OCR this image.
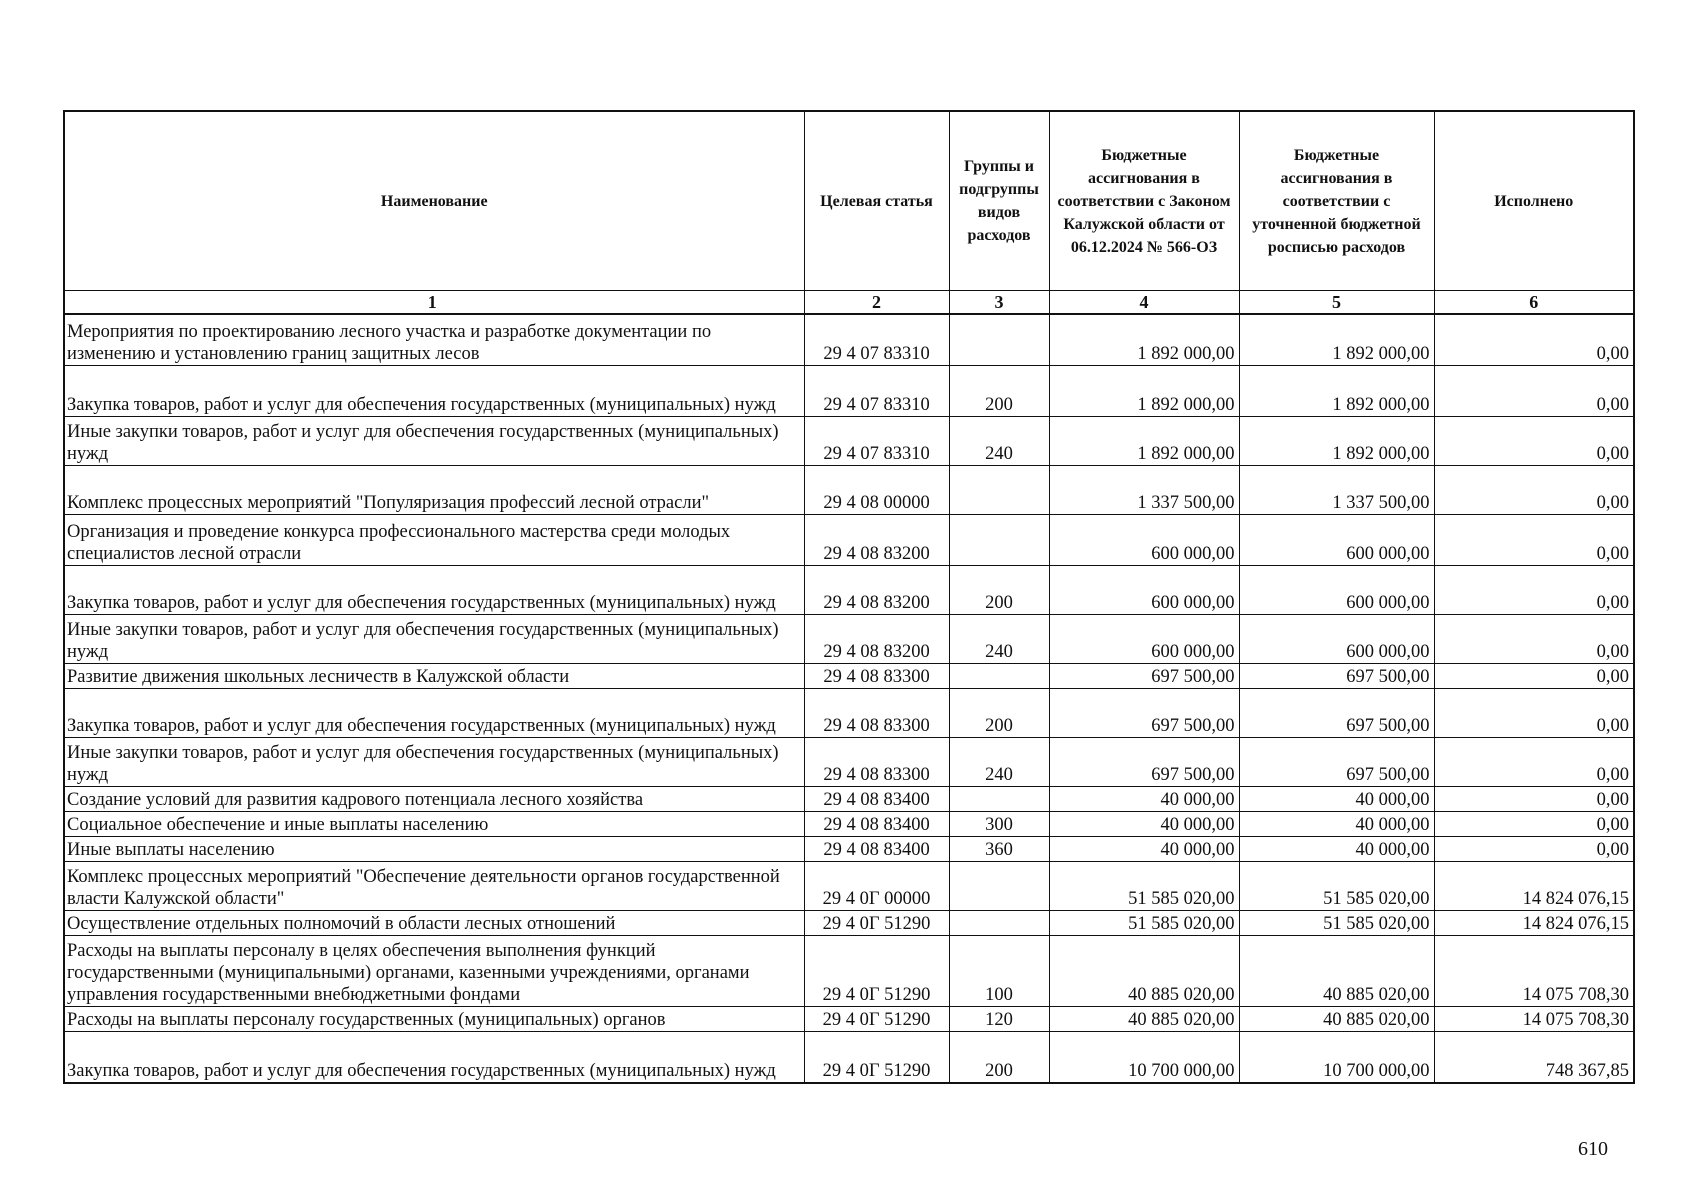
Наименование	Целевая статья	Группы и подгруппы видов расходов	Бюджетные ассигнования в соответствии с Законом Калужской области от 06.12.2024 № 566-ОЗ	Бюджетные ассигнования в соответствии с уточненной бюджетной росписью расходов	Исполнено
1	2	3	4	5	6
Мероприятия по проектированию лесного участка и разработке документации по изменению и установлению границ защитных лесов	29 4 07 83310		1 892 000,00	1 892 000,00	0,00
Закупка товаров, работ и услуг для обеспечения государственных (муниципальных) нужд	29 4 07 83310	200	1 892 000,00	1 892 000,00	0,00
Иные закупки товаров, работ и услуг для обеспечения государственных (муниципальных) нужд	29 4 07 83310	240	1 892 000,00	1 892 000,00	0,00
Комплекс процессных мероприятий "Популяризация профессий лесной отрасли"	29 4 08 00000		1 337 500,00	1 337 500,00	0,00
Организация и проведение конкурса профессионального мастерства среди молодых специалистов лесной отрасли	29 4 08 83200		600 000,00	600 000,00	0,00
Закупка товаров, работ и услуг для обеспечения государственных (муниципальных) нужд	29 4 08 83200	200	600 000,00	600 000,00	0,00
Иные закупки товаров, работ и услуг для обеспечения государственных (муниципальных) нужд	29 4 08 83200	240	600 000,00	600 000,00	0,00
Развитие движения школьных лесничеств в Калужской области	29 4 08 83300		697 500,00	697 500,00	0,00
Закупка товаров, работ и услуг для обеспечения государственных (муниципальных) нужд	29 4 08 83300	200	697 500,00	697 500,00	0,00
Иные закупки товаров, работ и услуг для обеспечения государственных (муниципальных) нужд	29 4 08 83300	240	697 500,00	697 500,00	0,00
Создание условий для развития кадрового потенциала лесного хозяйства	29 4 08 83400		40 000,00	40 000,00	0,00
Социальное обеспечение и иные выплаты населению	29 4 08 83400	300	40 000,00	40 000,00	0,00
Иные выплаты населению	29 4 08 83400	360	40 000,00	40 000,00	0,00
Комплекс процессных мероприятий "Обеспечение деятельности органов государственной власти Калужской области"	29 4 0Г 00000		51 585 020,00	51 585 020,00	14 824 076,15
Осуществление отдельных полномочий в области лесных отношений	29 4 0Г 51290		51 585 020,00	51 585 020,00	14 824 076,15
Расходы на выплаты персоналу в целях обеспечения выполнения функций государственными (муниципальными) органами, казенными учреждениями, органами управления государственными внебюджетными фондами	29 4 0Г 51290	100	40 885 020,00	40 885 020,00	14 075 708,30
Расходы на выплаты персоналу государственных (муниципальных) органов	29 4 0Г 51290	120	40 885 020,00	40 885 020,00	14 075 708,30
Закупка товаров, работ и услуг для обеспечения государственных (муниципальных) нужд	29 4 0Г 51290	200	10 700 000,00	10 700 000,00	748 367,85
610
